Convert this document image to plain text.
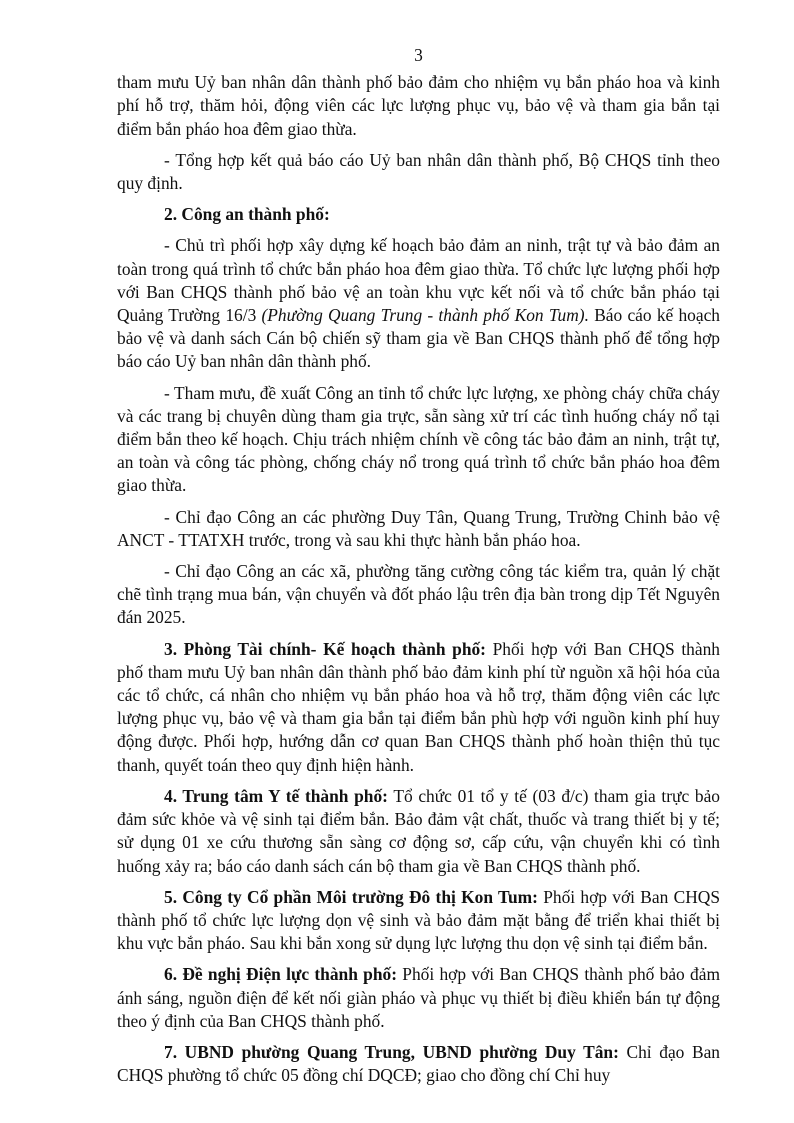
3

tham mưu Uỷ ban nhân dân thành phố bảo đảm cho nhiệm vụ bắn pháo hoa và kinh phí hỗ trợ, thăm hỏi, động viên các lực lượng phục vụ, bảo vệ và tham gia bắn tại điểm bắn pháo hoa đêm giao thừa.

- Tổng hợp kết quả báo cáo Uỷ ban nhân dân thành phố, Bộ CHQS tỉnh theo quy định.

2. Công an thành phố:

- Chủ trì phối hợp xây dựng kế hoạch bảo đảm an ninh, trật tự và bảo đảm an toàn trong quá trình tổ chức bắn pháo hoa đêm giao thừa. Tổ chức lực lượng phối hợp với Ban CHQS thành phố bảo vệ an toàn khu vực kết nối và tổ chức bắn pháo tại Quảng Trường 16/3 (Phường Quang Trung - thành phố Kon Tum). Báo cáo kế hoạch bảo vệ và danh sách Cán bộ chiến sỹ tham gia về Ban CHQS thành phố để tổng hợp báo cáo Uỷ ban nhân dân thành phố.

- Tham mưu, đề xuất Công an tỉnh tổ chức lực lượng, xe phòng cháy chữa cháy và các trang bị chuyên dùng tham gia trực, sẵn sàng xử trí các tình huống cháy nổ tại điểm bắn theo kế hoạch. Chịu trách nhiệm chính về công tác bảo đảm an ninh, trật tự, an toàn và công tác phòng, chống cháy nổ trong quá trình tổ chức bắn pháo hoa đêm giao thừa.

- Chỉ đạo Công an các phường Duy Tân, Quang Trung, Trường Chinh bảo vệ ANCT - TTATXH trước, trong và sau khi thực hành bắn pháo hoa.

- Chỉ đạo Công an các xã, phường tăng cường công tác kiểm tra, quản lý chặt chẽ tình trạng mua bán, vận chuyển và đốt pháo lậu trên địa bàn trong dịp Tết Nguyên đán 2025.

3. Phòng Tài chính- Kế hoạch thành phố: Phối hợp với Ban CHQS thành phố tham mưu Uỷ ban nhân dân thành phố bảo đảm kinh phí từ nguồn xã hội hóa của các tổ chức, cá nhân cho nhiệm vụ bắn pháo hoa và hỗ trợ, thăm động viên các lực lượng phục vụ, bảo vệ và tham gia bắn tại điểm bắn phù hợp với nguồn kinh phí huy động được. Phối hợp, hướng dẫn cơ quan Ban CHQS thành phố hoàn thiện thủ tục thanh, quyết toán theo quy định hiện hành.

4. Trung tâm Y tế thành phố: Tổ chức 01 tổ y tế (03 đ/c) tham gia trực bảo đảm sức khỏe và vệ sinh tại điểm bắn. Bảo đảm vật chất, thuốc và trang thiết bị y tế; sử dụng 01 xe cứu thương sẵn sàng cơ động sơ, cấp cứu, vận chuyển khi có tình huống xảy ra; báo cáo danh sách cán bộ tham gia về Ban CHQS thành phố.

5. Công ty Cổ phần Môi trường Đô thị Kon Tum: Phối hợp với Ban CHQS thành phố tổ chức lực lượng dọn vệ sinh và bảo đảm mặt bằng để triển khai thiết bị khu vực bắn pháo. Sau khi bắn xong sử dụng lực lượng thu dọn vệ sinh tại điểm bắn.

6. Đề nghị Điện lực thành phố: Phối hợp với Ban CHQS thành phố bảo đảm ánh sáng, nguồn điện để kết nối giàn pháo và phục vụ thiết bị điều khiển bán tự động theo ý định của Ban CHQS thành phố.

7. UBND phường Quang Trung, UBND phường Duy Tân: Chỉ đạo Ban CHQS phường tổ chức 05 đồng chí DQCĐ; giao cho đồng chí Chỉ huy
